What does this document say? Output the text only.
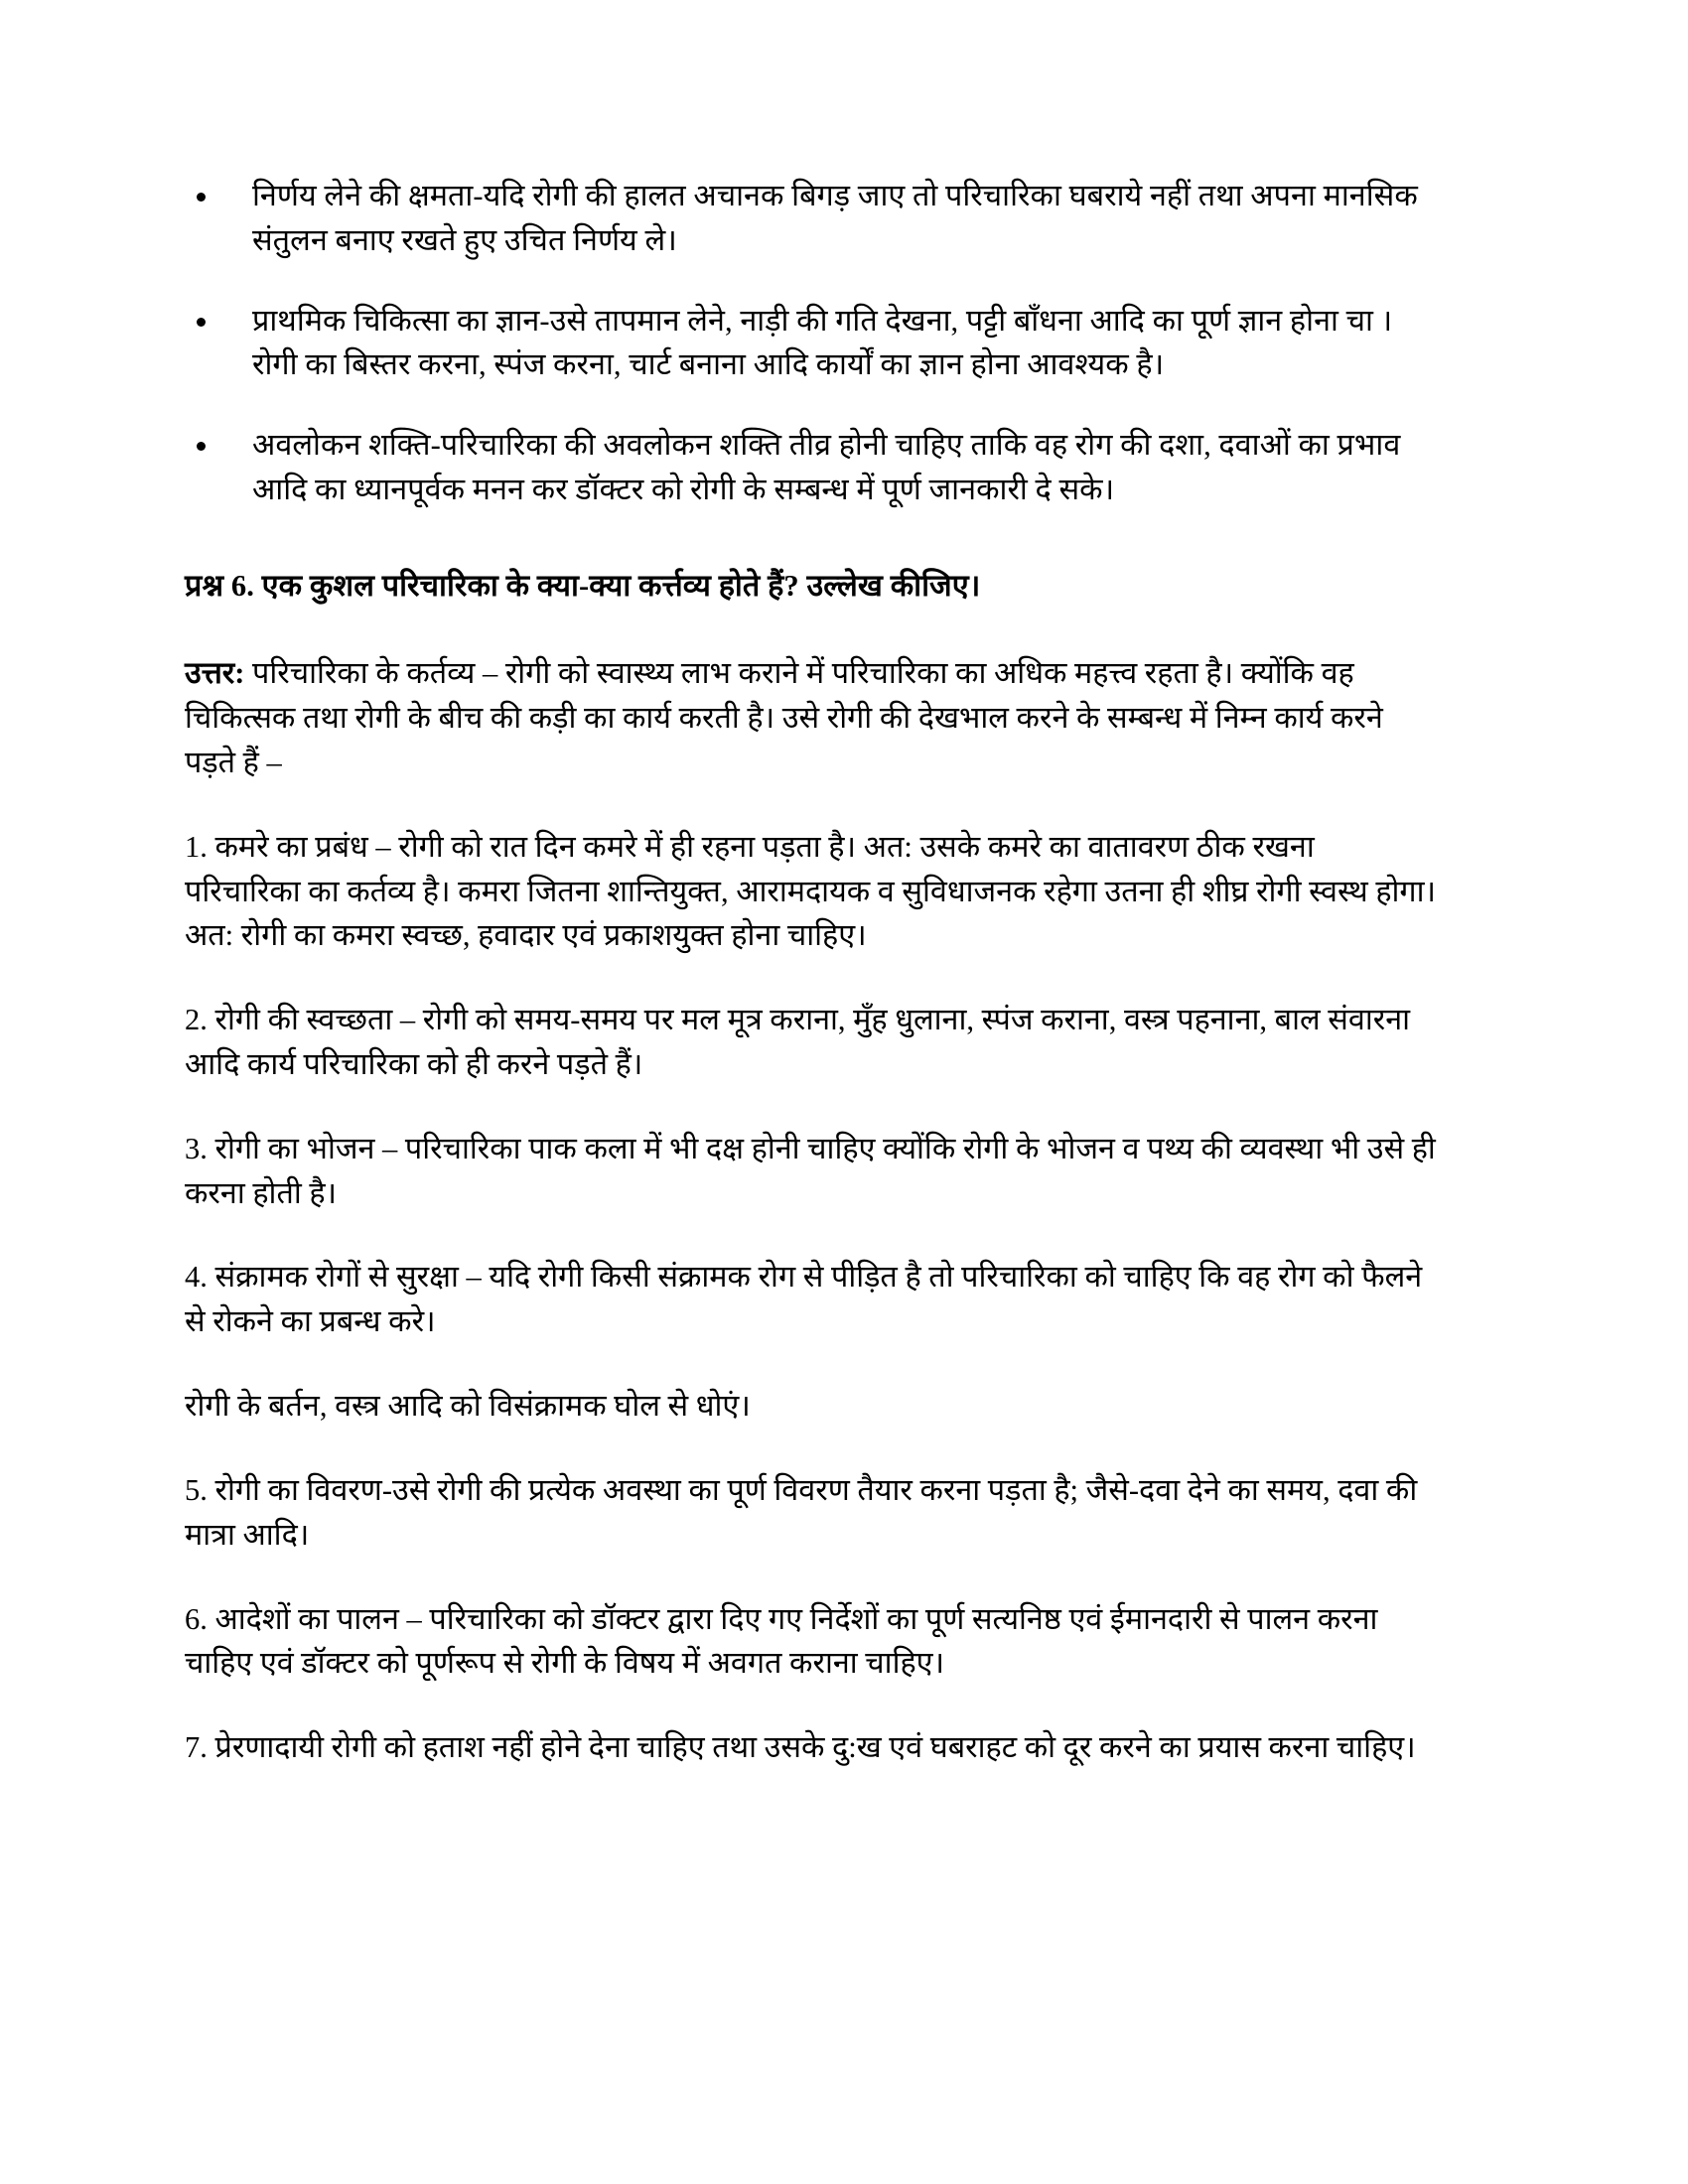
निर्णय लेने की क्षमता-यदि रोगी की हालत अचानक बिगड़ जाए तो परिचारिका घबराये नहीं तथा अपना मानसिक संतुलन बनाए रखते हुए उचित निर्णय ले।
प्राथमिक चिकित्सा का ज्ञान-उसे तापमान लेने, नाड़ी की गति देखना, पट्टी बाँधना आदि का पूर्ण ज्ञान होना चा । रोगी का बिस्तर करना, स्पंज करना, चार्ट बनाना आदि कार्यों का ज्ञान होना आवश्यक है।
अवलोकन शक्ति-परिचारिका की अवलोकन शक्ति तीव्र होनी चाहिए ताकि वह रोग की दशा, दवाओं का प्रभाव आदि का ध्यानपूर्वक मनन कर डॉक्टर को रोगी के सम्बन्ध में पूर्ण जानकारी दे सके।

प्रश्न 6. एक कुशल परिचारिका के क्या-क्या कर्त्तव्य होते हैं? उल्लेख कीजिए।

उत्तर: परिचारिका के कर्तव्य – रोगी को स्वास्थ्य लाभ कराने में परिचारिका का अधिक महत्त्व रहता है। क्योंकि वह चिकित्सक तथा रोगी के बीच की कड़ी का कार्य करती है। उसे रोगी की देखभाल करने के सम्बन्ध में निम्न कार्य करने पड़ते हैं –

1. कमरे का प्रबंध – रोगी को रात दिन कमरे में ही रहना पड़ता है। अत: उसके कमरे का वातावरण ठीक रखना परिचारिका का कर्तव्य है। कमरा जितना शान्तियुक्त, आरामदायक व सुविधाजनक रहेगा उतना ही शीघ्र रोगी स्वस्थ होगा। अत: रोगी का कमरा स्वच्छ, हवादार एवं प्रकाशयुक्त होना चाहिए।

2. रोगी की स्वच्छता – रोगी को समय-समय पर मल मूत्र कराना, मुँह धुलाना, स्पंज कराना, वस्त्र पहनाना, बाल संवारना आदि कार्य परिचारिका को ही करने पड़ते हैं।

3. रोगी का भोजन – परिचारिका पाक कला में भी दक्ष होनी चाहिए क्योंकि रोगी के भोजन व पथ्य की व्यवस्था भी उसे ही करना होती है।

4. संक्रामक रोगों से सुरक्षा – यदि रोगी किसी संक्रामक रोग से पीड़ित है तो परिचारिका को चाहिए कि वह रोग को फैलने से रोकने का प्रबन्ध करे।

रोगी के बर्तन, वस्त्र आदि को विसंक्रामक घोल से धोएं।

5. रोगी का विवरण-उसे रोगी की प्रत्येक अवस्था का पूर्ण विवरण तैयार करना पड़ता है; जैसे-दवा देने का समय, दवा की मात्रा आदि।

6. आदेशों का पालन – परिचारिका को डॉक्टर द्वारा दिए गए निर्देशों का पूर्ण सत्यनिष्ठ एवं ईमानदारी से पालन करना चाहिए एवं डॉक्टर को पूर्णरूप से रोगी के विषय में अवगत कराना चाहिए।

7. प्रेरणादायी रोगी को हताश नहीं होने देना चाहिए तथा उसके दु:ख एवं घबराहट को दूर करने का प्रयास करना चाहिए।
